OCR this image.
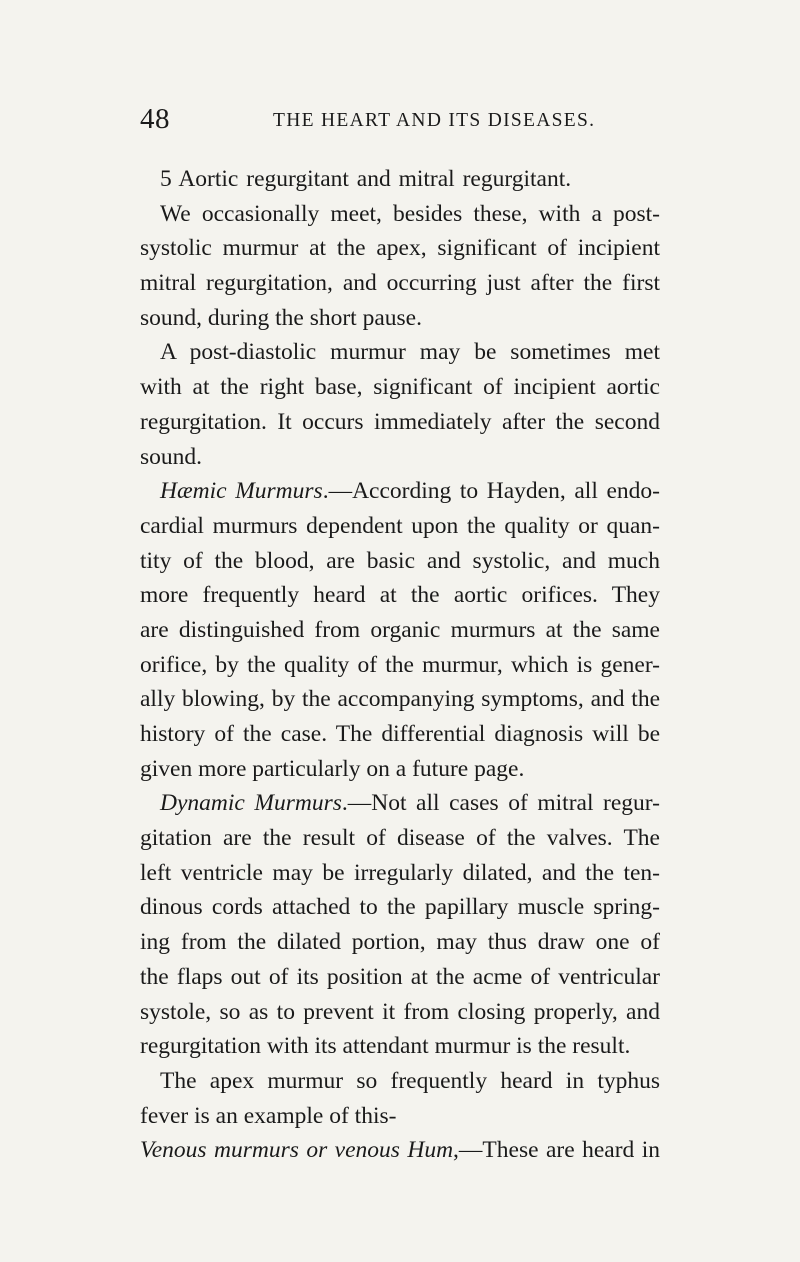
48	THE HEART AND ITS DISEASES.
5 Aortic regurgitant and mitral regurgitant.
We occasionally meet, besides these, with a post-
systolic murmur at the apex, significant of incipient
mitral regurgitation, and occurring just after the first
sound, during the short pause.
A post-diastolic murmur may be sometimes met
with at the right base, significant of incipient aortic
regurgitation. It occurs immediately after the second
sound.
Hæmic Murmurs.—According to Hayden, all endo-
cardial murmurs dependent upon the quality or quan-
tity of the blood, are basic and systolic, and much
more frequently heard at the aortic orifices. They
are distinguished from organic murmurs at the same
orifice, by the quality of the murmur, which is gener-
ally blowing, by the accompanying symptoms, and the
history of the case. The differential diagnosis will be
given more particularly on a future page.
Dynamic Murmurs.—Not all cases of mitral regur-
gitation are the result of disease of the valves. The
left ventricle may be irregularly dilated, and the ten-
dinous cords attached to the papillary muscle spring-
ing from the dilated portion, may thus draw one of
the flaps out of its position at the acme of ventricular
systole, so as to prevent it from closing properly, and
regurgitation with its attendant murmur is the result.
The apex murmur so frequently heard in typhus
fever is an example of this-
Venous murmurs or venous Hum,—These are heard in
